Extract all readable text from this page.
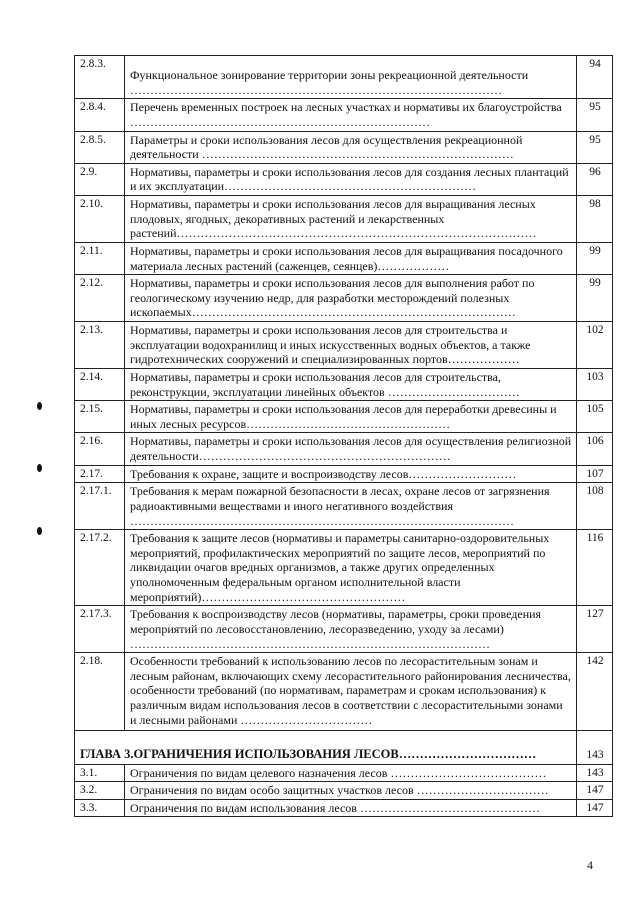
2.8.3.	Функциональное зонирование территории зоны рекреационной деятельности …………………………………………………………………………………	94
2.8.4.	Перечень временных построек на лесных участках и нормативы их благоустройства …………………………………………………………………	95
2.8.5.	Параметры и сроки использования лесов для осуществления рекреационной деятельности ……………………………………………………………………	95
2.9.	Нормативы, параметры и сроки использования лесов для создания лесных плантаций и их эксплуатации………………………………………………………	96
2.10.	Нормативы, параметры и сроки использования лесов для выращивания лесных плодовых, ягодных, декоративных растений и лекарственных растений………………………………………………………………………………	98
2.11.	Нормативы, параметры и сроки использования лесов для выращивания посадочного материала лесных растений (саженцев, сеянцев)………………	99
2.12.	Нормативы, параметры и сроки использования лесов для выполнения работ по геологическому изучению недр, для разработки месторождений полезных ископаемых………………………………………………………………………	99
2.13.	Нормативы, параметры и сроки использования лесов для строительства и эксплуатации водохранилищ и иных искусственных водных объектов, а также гидротехнических сооружений и специализированных портов………………	102
2.14.	Нормативы, параметры и сроки использования лесов для строительства, реконструкции, эксплуатации линейных объектов ……………………………	103
2.15.	Нормативы, параметры и сроки использования лесов для переработки древесины и иных лесных ресурсов……………………………………………	105
2.16.	Нормативы, параметры и сроки использования лесов для осуществления религиозной деятельности………………………………………………………	106
2.17.	Требования к охране, защите и воспроизводству лесов………………………	107
2.17.1.	Требования к мерам пожарной безопасности в лесах, охране лесов от загрязнения радиоактивными веществами и иного негативного воздействия ……………………………………………………………………………………	108
2.17.2.	Требования к защите лесов (нормативы и параметры санитарно-оздоровительных мероприятий, профилактических мероприятий по защите лесов, мероприятий по ликвидации очагов вредных организмов, а также других определенных уполномоченным федеральным органом исполнительной власти мероприятий)……………………………………………	116
2.17.3.	Требования к воспроизводству лесов (нормативы, параметры, сроки проведения мероприятий по лесовосстановлению, лесоразведению, уходу за лесами) ………………………………………………………………………………	127
2.18.	Особенности требований к использованию лесов по лесорастительным зонам и лесным районам, включающих схему лесорастительного районирования лесничества, особенности требований (по нормативам, параметрам и срокам использования) к различным видам использования лесов в соответствии с лесорастительными зонами и лесными районами ……………………………	142
ГЛАВА 3.ОГРАНИЧЕНИЯ ИСПОЛЬЗОВАНИЯ ЛЕСОВ……………………………		143
3.1.	Ограничения по видам целевого назначения лесов …………………………………	143
3.2.	Ограничения по видам особо защитных участков лесов ……………………………	147
3.3.	Ограничения по видам использования лесов ………………………………………	147
4
